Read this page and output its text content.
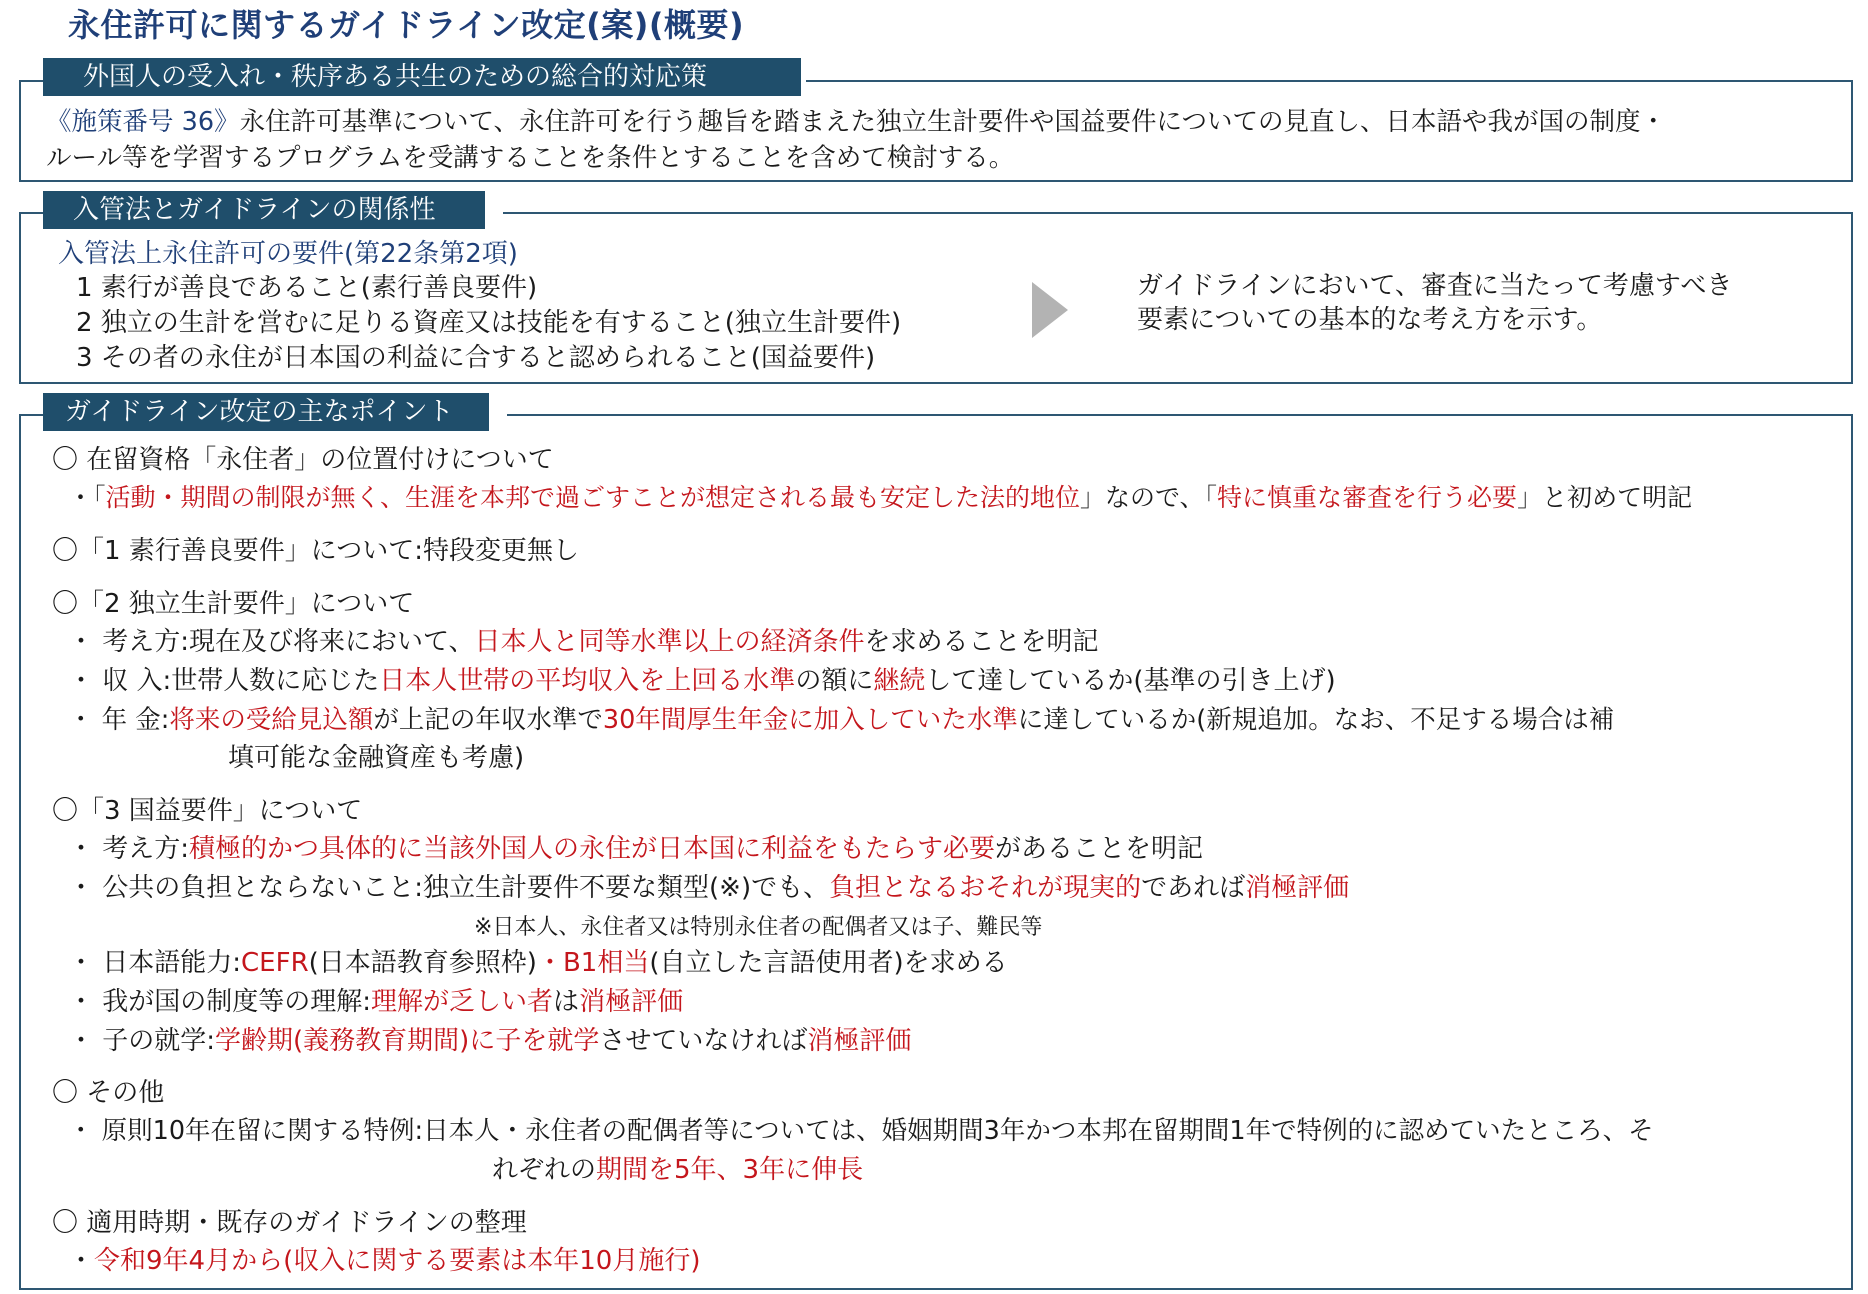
永住許可に関するガイドライン改定(案)(概要)
外国人の受入れ・秩序ある共生のための総合的対応策
《施策番号 36》永住許可基準について、永住許可を行う趣旨を踏まえた独立生計要件や国益要件についての見直し、日本語や我が国の制度・
ルール等を学習するプログラムを受講することを条件とすることを含めて検討する。
入管法とガイドラインの関係性
入管法上永住許可の要件(第22条第2項)
1 素行が善良であること(素行善良要件)
2 独立の生計を営むに足りる資産又は技能を有すること(独立生計要件)
3 その者の永住が日本国の利益に合すると認められること(国益要件)
ガイドラインにおいて、審査に当たって考慮すべき
要素についての基本的な考え方を示す。
ガイドライン改定の主なポイント
〇 在留資格「永住者」の位置付けについて
・「活動・期間の制限が無く、生涯を本邦で過ごすことが想定される最も安定した法的地位」なので、「特に慎重な審査を行う必要」と初めて明記
〇「1 素行善良要件」について:特段変更無し
〇「2 独立生計要件」について
・ 考え方:現在及び将来において、日本人と同等水準以上の経済条件を求めることを明記
・ 収 入:世帯人数に応じた日本人世帯の平均収入を上回る水準の額に継続して達しているか(基準の引き上げ)
・ 年 金:将来の受給見込額が上記の年収水準で30年間厚生年金に加入していた水準に達しているか(新規追加。なお、不足する場合は補
填可能な金融資産も考慮)
〇「3 国益要件」について
・ 考え方:積極的かつ具体的に当該外国人の永住が日本国に利益をもたらす必要があることを明記
・ 公共の負担とならないこと:独立生計要件不要な類型(※)でも、負担となるおそれが現実的であれば消極評価
※日本人、永住者又は特別永住者の配偶者又は子、難民等
・ 日本語能力:CEFR(日本語教育参照枠)・B1相当(自立した言語使用者)を求める
・ 我が国の制度等の理解:理解が乏しい者は消極評価
・ 子の就学:学齢期(義務教育期間)に子を就学させていなければ消極評価
〇 その他
・ 原則10年在留に関する特例:日本人・永住者の配偶者等については、婚姻期間3年かつ本邦在留期間1年で特例的に認めていたところ、そ
れぞれの期間を5年、3年に伸長
〇 適用時期・既存のガイドラインの整理
・令和9年4月から(収入に関する要素は本年10月施行)
